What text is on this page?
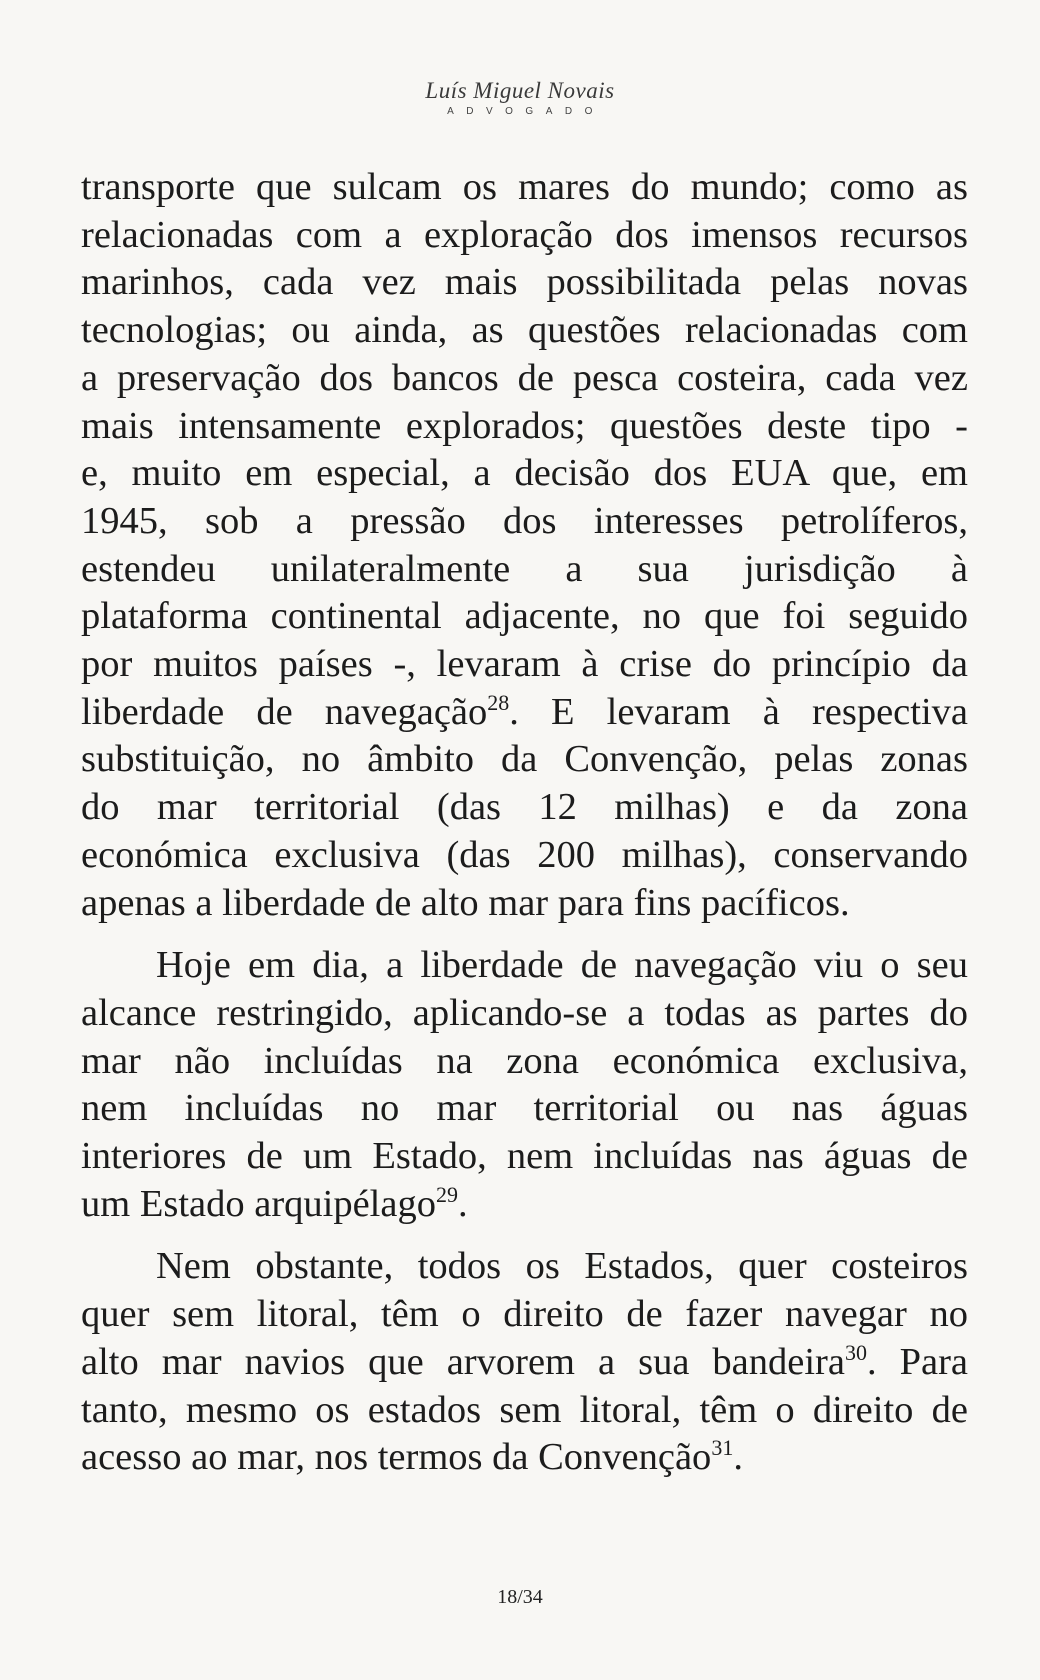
Luís Miguel Novais
ADVOGADO

transporte que sulcam os mares do mundo; como as
relacionadas com a exploração dos imensos recursos
marinhos, cada vez mais possibilitada pelas novas
tecnologias; ou ainda, as questões relacionadas com
a preservação dos bancos de pesca costeira, cada vez
mais intensamente explorados; questões deste tipo -
e, muito em especial, a decisão dos EUA que, em
1945, sob a pressão dos interesses petrolíferos,
estendeu unilateralmente a sua jurisdição à
plataforma continental adjacente, no que foi seguido
por muitos países -, levaram à crise do princípio da
liberdade de navegação$^{28}$. E levaram à respectiva
substituição, no âmbito da Convenção, pelas zonas
do mar territorial (das 12 milhas) e da zona
económica exclusiva (das 200 milhas), conservando
apenas a liberdade de alto mar para fins pacíficos.

Hoje em dia, a liberdade de navegação viu o seu
alcance restringido, aplicando-se a todas as partes do
mar não incluídas na zona económica exclusiva,
nem incluídas no mar territorial ou nas águas
interiores de um Estado, nem incluídas nas águas de
um Estado arquipélago$^{29}$.

Nem obstante, todos os Estados, quer costeiros
quer sem litoral, têm o direito de fazer navegar no
alto mar navios que arvorem a sua bandeira$^{30}$. Para
tanto, mesmo os estados sem litoral, têm o direito de
acesso ao mar, nos termos da Convenção$^{31}$.

18/34
